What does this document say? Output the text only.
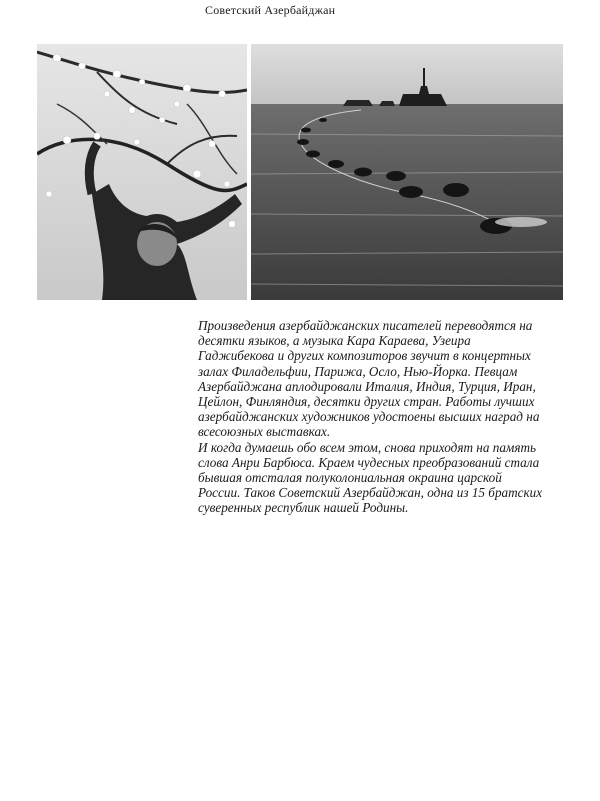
Советский Азербайджан

Произведения азербайджанских писателей переводятся на десятки языков, а музыка Кара Караева, Узеира Гаджибекова и других композиторов звучит в концертных залах Филадельфии, Парижа, Осло, Нью-Йорка. Певцам Азербайджана аплодировали Италия, Индия, Турция, Иран, Цейлон, Финляндия, десятки других стран. Работы лучших азербайджанских художников удостоены высших наград на всесоюзных выставках.

И когда думаешь обо всем этом, снова приходят на память слова Анри Барбюса. Краем чудесных преобразований стала бывшая отсталая полуколониальная окраина царской России. Таков Советский Азербайджан, одна из 15 братских суверенных республик нашей Родины.
